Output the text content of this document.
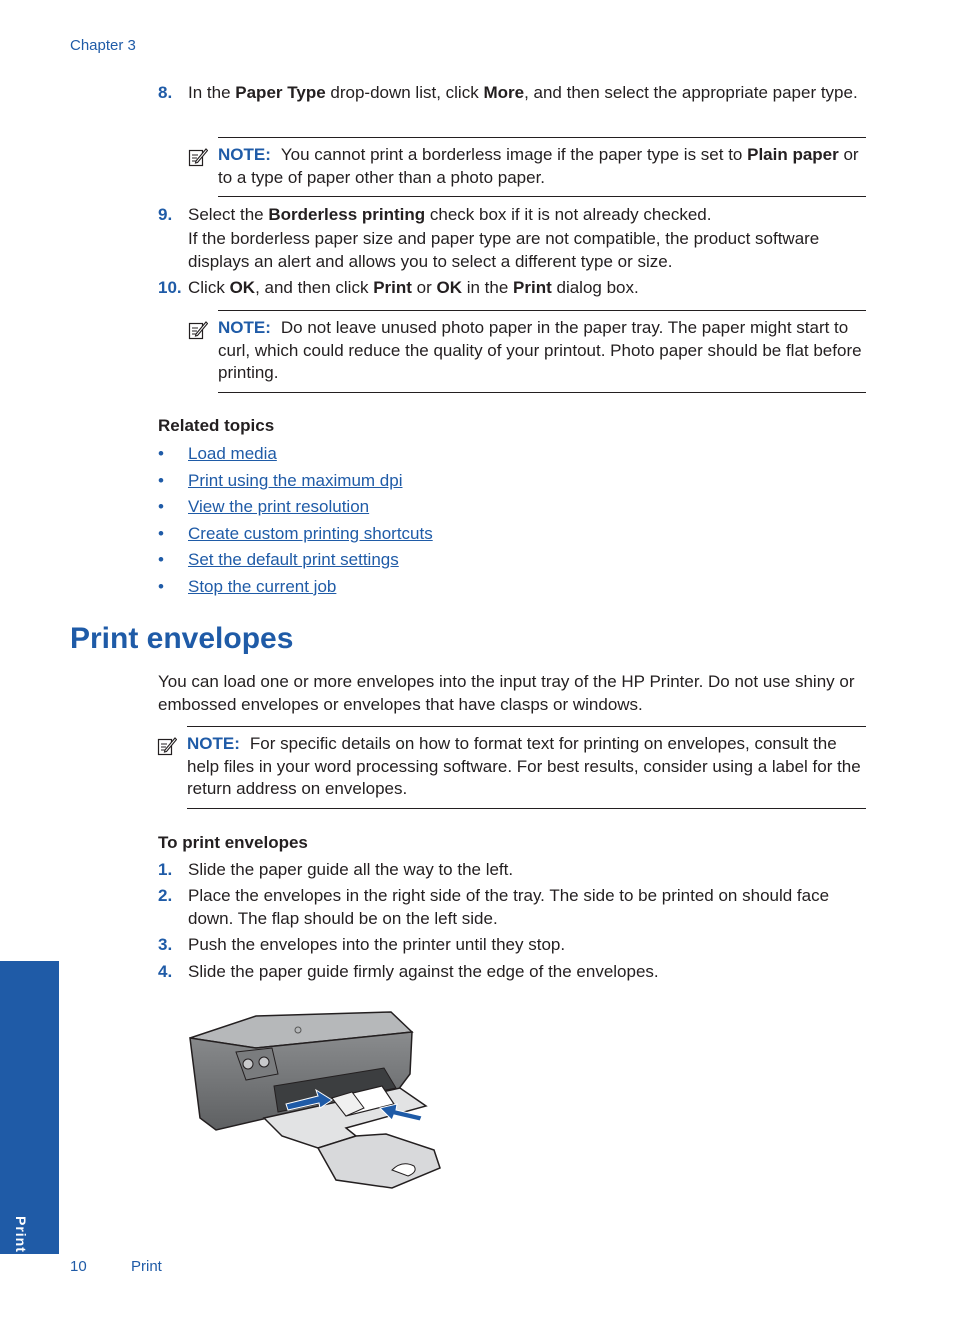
Chapter 3
8. In the Paper Type drop-down list, click More, and then select the appropriate paper type.
NOTE: You cannot print a borderless image if the paper type is set to Plain paper or to a type of paper other than a photo paper.
9. Select the Borderless printing check box if it is not already checked.
If the borderless paper size and paper type are not compatible, the product software displays an alert and allows you to select a different type or size.
10. Click OK, and then click Print or OK in the Print dialog box.
NOTE: Do not leave unused photo paper in the paper tray. The paper might start to curl, which could reduce the quality of your printout. Photo paper should be flat before printing.
Related topics
• Load media
• Print using the maximum dpi
• View the print resolution
• Create custom printing shortcuts
• Set the default print settings
• Stop the current job
Print envelopes
You can load one or more envelopes into the input tray of the HP Printer. Do not use shiny or embossed envelopes or envelopes that have clasps or windows.
NOTE: For specific details on how to format text for printing on envelopes, consult the help files in your word processing software. For best results, consider using a label for the return address on envelopes.
To print envelopes
1. Slide the paper guide all the way to the left.
2. Place the envelopes in the right side of the tray. The side to be printed on should face down. The flap should be on the left side.
3. Push the envelopes into the printer until they stop.
4. Slide the paper guide firmly against the edge of the envelopes.
Print
10	Print
